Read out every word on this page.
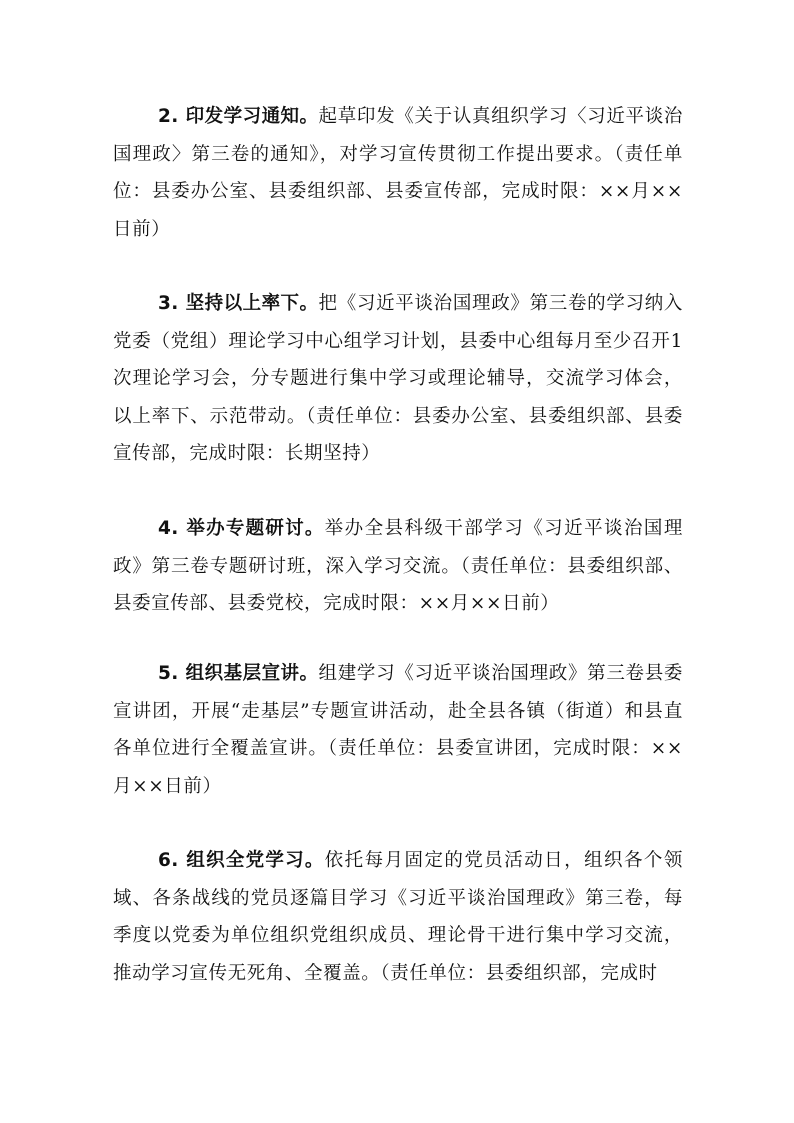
2. 印发学习通知。起草印发《关于认真组织学习〈习近平谈治国理政〉第三卷的通知》，对学习宣传贯彻工作提出要求。（责任单位：县委办公室、县委组织部、县委宣传部，完成时限：××月××日前）

3. 坚持以上率下。把《习近平谈治国理政》第三卷的学习纳入党委（党组）理论学习中心组学习计划，县委中心组每月至少召开1次理论学习会，分专题进行集中学习或理论辅导，交流学习体会，以上率下、示范带动。（责任单位：县委办公室、县委组织部、县委宣传部，完成时限：长期坚持）

4. 举办专题研讨。举办全县科级干部学习《习近平谈治国理政》第三卷专题研讨班，深入学习交流。（责任单位：县委组织部、县委宣传部、县委党校，完成时限：××月××日前）

5. 组织基层宣讲。组建学习《习近平谈治国理政》第三卷县委宣讲团，开展“走基层”专题宣讲活动，赴全县各镇（街道）和县直各单位进行全覆盖宣讲。（责任单位：县委宣讲团，完成时限：××月××日前）

6. 组织全党学习。依托每月固定的党员活动日，组织各个领域、各条战线的党员逐篇目学习《习近平谈治国理政》第三卷，每季度以党委为单位组织党组织成员、理论骨干进行集中学习交流，推动学习宣传无死角、全覆盖。（责任单位：县委组织部，完成时
